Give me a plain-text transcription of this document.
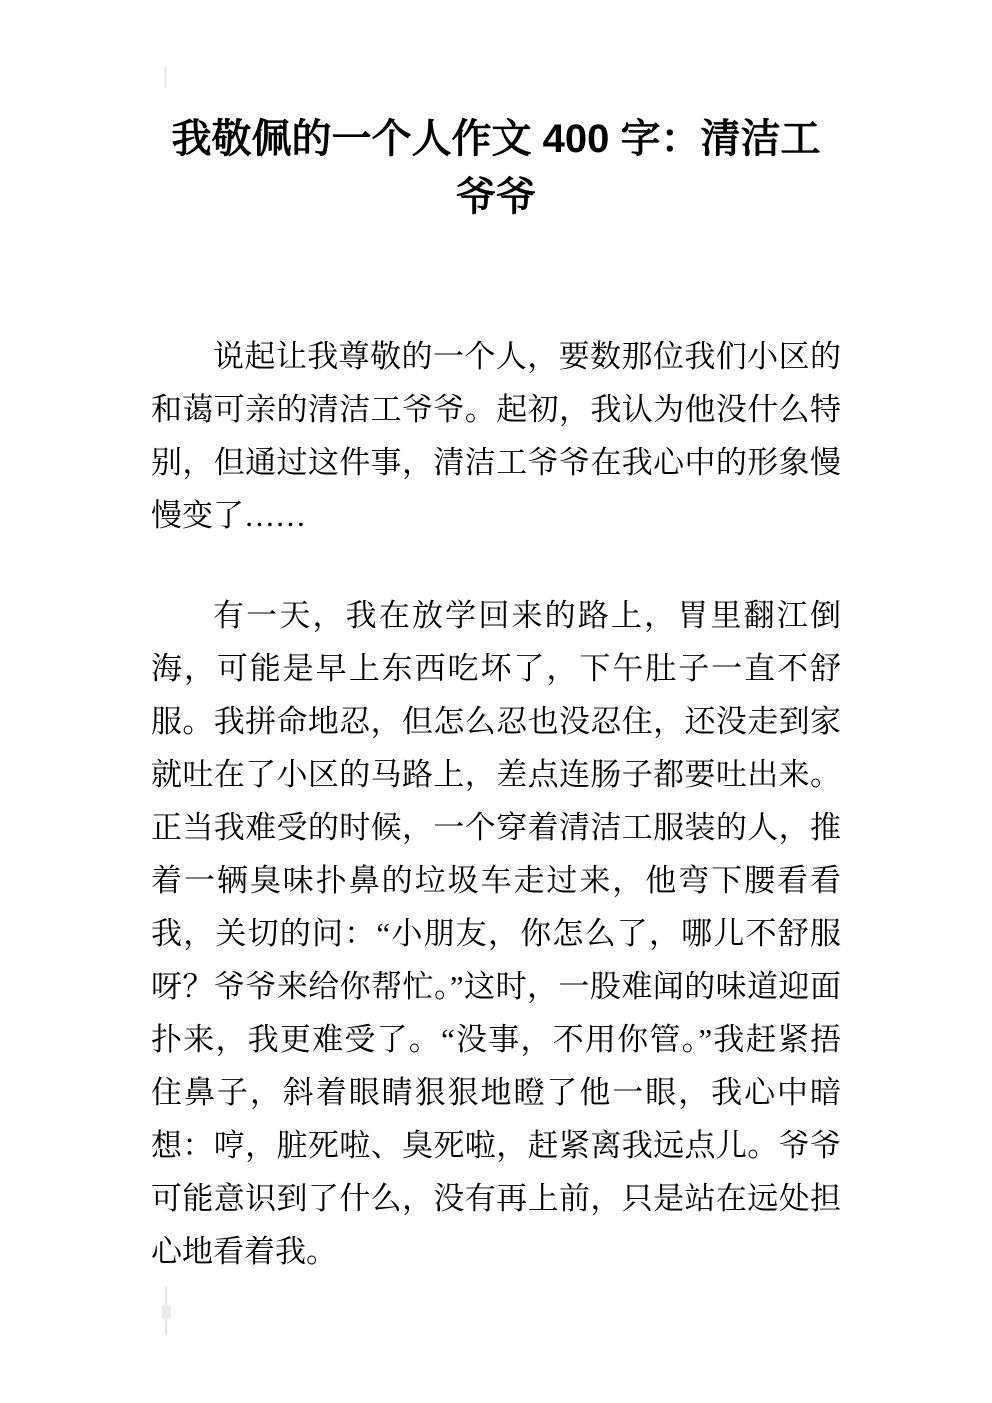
我敬佩的一个人作文 400 字：清洁工爷爷

说起让我尊敬的一个人，要数那位我们小区的和蔼可亲的清洁工爷爷。起初，我认为他没什么特别，但通过这件事，清洁工爷爷在我心中的形象慢慢变了……

有一天，我在放学回来的路上，胃里翻江倒海，可能是早上东西吃坏了，下午肚子一直不舒服。我拼命地忍，但怎么忍也没忍住，还没走到家就吐在了小区的马路上，差点连肠子都要吐出来。正当我难受的时候，一个穿着清洁工服装的人，推着一辆臭味扑鼻的垃圾车走过来，他弯下腰看看我，关切的问：“小朋友，你怎么了，哪儿不舒服呀？爷爷来给你帮忙。”这时，一股难闻的味道迎面扑来，我更难受了。“没事，不用你管。”我赶紧捂住鼻子，斜着眼睛狠狠地瞪了他一眼，我心中暗想：哼，脏死啦、臭死啦，赶紧离我远点儿。爷爷可能意识到了什么，没有再上前，只是站在远处担心地看着我。
